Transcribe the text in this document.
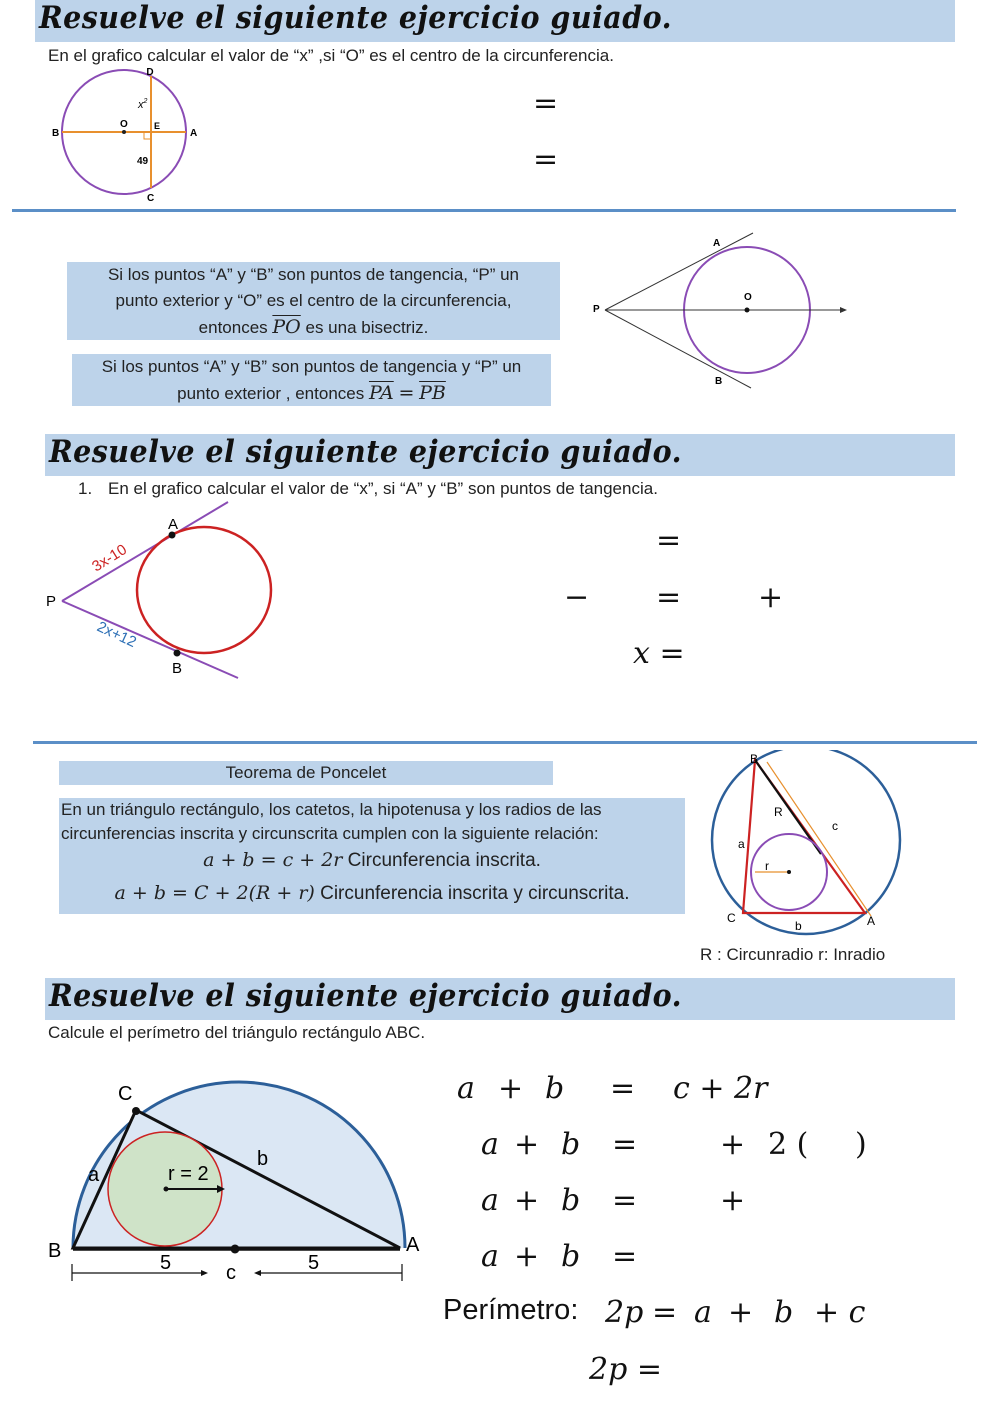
Resuelve el siguiente ejercicio guiado.
En el grafico calcular el valor de “x” ,si “O” es el centro de la circunferencia.
D
B
O	E
A
C
$x^2$
49
=
=
Si los puntos “A” y “B” son puntos de tangencia, “P” un
punto exterior y “O” es el centro de la circunferencia,
entonces $\overline{PO}$ es una bisectriz.
Si los puntos “A” y “B” son puntos de tangencia y “P” un
punto exterior , entonces $\overline{PA} = \overline{PB}$
A
O
P
B
Resuelve el siguiente ejercicio guiado.
1. En el grafico calcular el valor de “x”, si “A” y “B” son puntos de tangencia.
A
P
B
3x-10
2x+12
=
− =	+
x =
Teorema de Poncelet
En un triángulo rectángulo, los catetos, la hipotenusa y los radios de las
circunferencias inscrita y circunscrita cumplen con la siguiente relación:
a + b = c + 2r Circunferencia inscrita.
a + b = C + 2(R + r) Circunferencia inscrita y circunscrita.
B
R
c
a
r
C
b	A
R : Circunradio r: Inradio
Resuelve el siguiente ejercicio guiado.
Calcule el perímetro del triángulo rectángulo ABC.
C
a
b
r = 2
B	A
5	c	5
a + b = c + 2r
a + b =	+ 2 ( )
a + b =	+
a + b =
Perímetro: 2p = a + b + c
2p =
